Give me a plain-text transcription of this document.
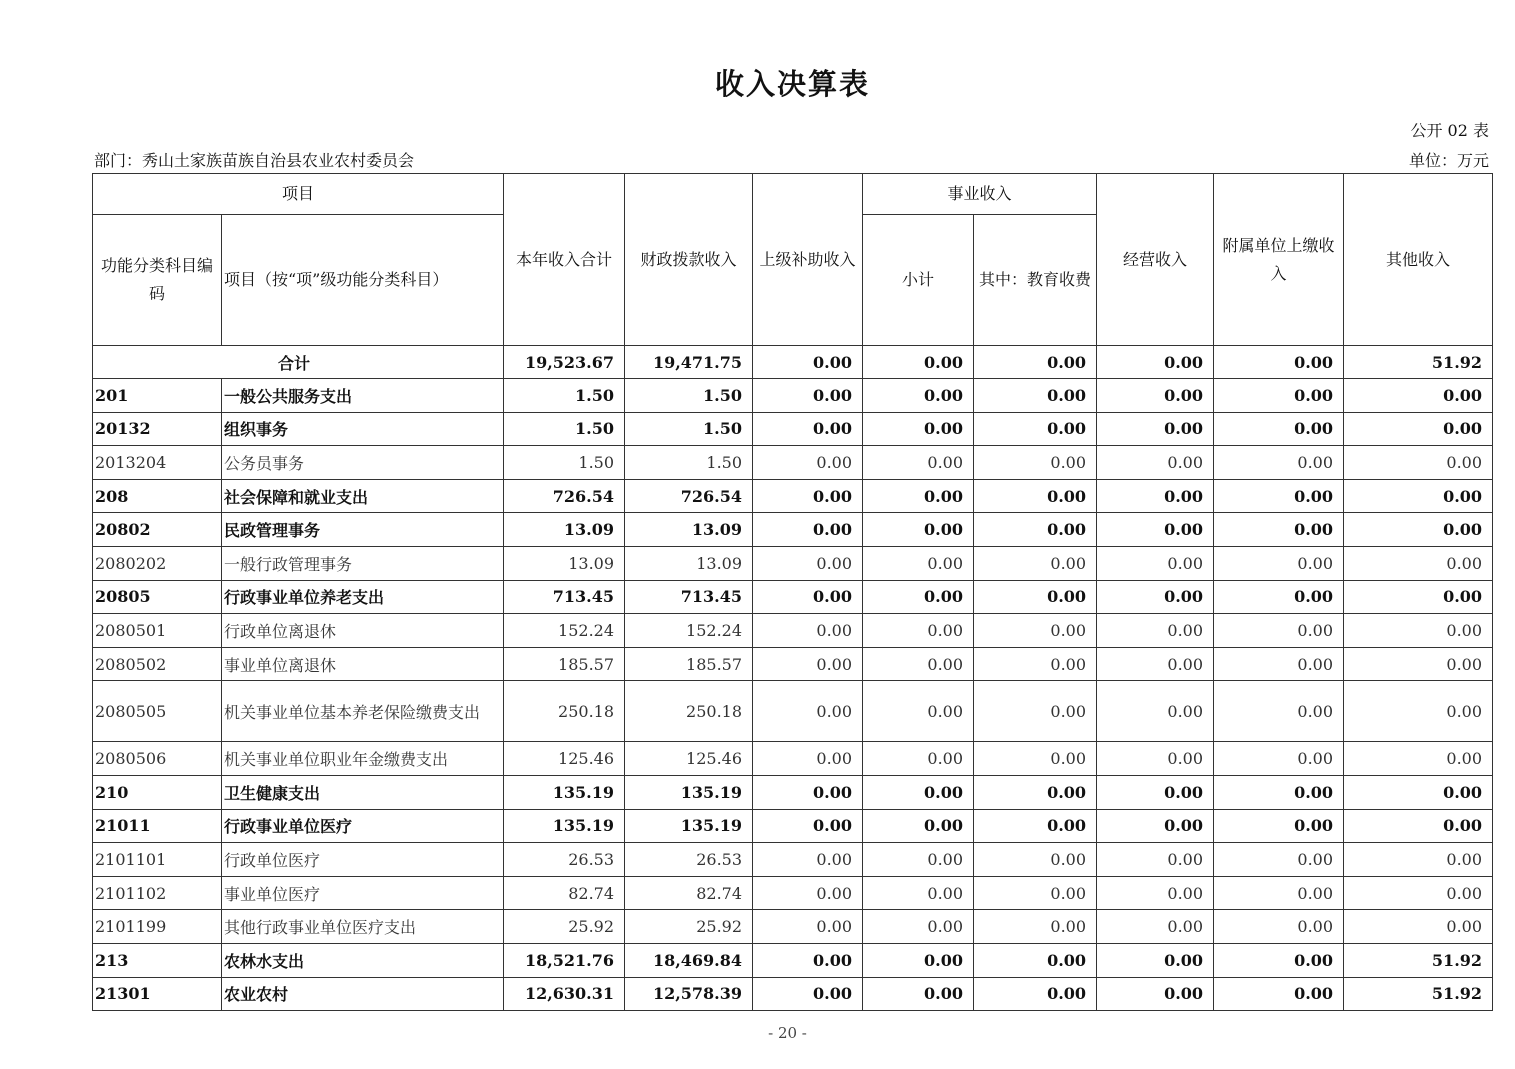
收入决算表
公开 02 表
部门：秀山土家族苗族自治县农业农村委员会	单位：万元
项目		本年收入合计	财政拨款收入	上级补助收入	事业收入		经营收入	附属单位上缴收入	其他收入
功能分类科目编码	项目（按“项”级功能分类科目）				小计	其中：教育收费			
合计		19,523.67	19,471.75	0.00	0.00	0.00	0.00	0.00	51.92
201	一般公共服务支出	1.50	1.50	0.00	0.00	0.00	0.00	0.00	0.00
20132	组织事务	1.50	1.50	0.00	0.00	0.00	0.00	0.00	0.00
2013204	公务员事务	1.50	1.50	0.00	0.00	0.00	0.00	0.00	0.00
208	社会保障和就业支出	726.54	726.54	0.00	0.00	0.00	0.00	0.00	0.00
20802	民政管理事务	13.09	13.09	0.00	0.00	0.00	0.00	0.00	0.00
2080202	一般行政管理事务	13.09	13.09	0.00	0.00	0.00	0.00	0.00	0.00
20805	行政事业单位养老支出	713.45	713.45	0.00	0.00	0.00	0.00	0.00	0.00
2080501	行政单位离退休	152.24	152.24	0.00	0.00	0.00	0.00	0.00	0.00
2080502	事业单位离退休	185.57	185.57	0.00	0.00	0.00	0.00	0.00	0.00
2080505	机关事业单位基本养老保险缴费支出	250.18	250.18	0.00	0.00	0.00	0.00	0.00	0.00
2080506	机关事业单位职业年金缴费支出	125.46	125.46	0.00	0.00	0.00	0.00	0.00	0.00
210	卫生健康支出	135.19	135.19	0.00	0.00	0.00	0.00	0.00	0.00
21011	行政事业单位医疗	135.19	135.19	0.00	0.00	0.00	0.00	0.00	0.00
2101101	行政单位医疗	26.53	26.53	0.00	0.00	0.00	0.00	0.00	0.00
2101102	事业单位医疗	82.74	82.74	0.00	0.00	0.00	0.00	0.00	0.00
2101199	其他行政事业单位医疗支出	25.92	25.92	0.00	0.00	0.00	0.00	0.00	0.00
213	农林水支出	18,521.76	18,469.84	0.00	0.00	0.00	0.00	0.00	51.92
21301	农业农村	12,630.31	12,578.39	0.00	0.00	0.00	0.00	0.00	51.92
- 20 -
